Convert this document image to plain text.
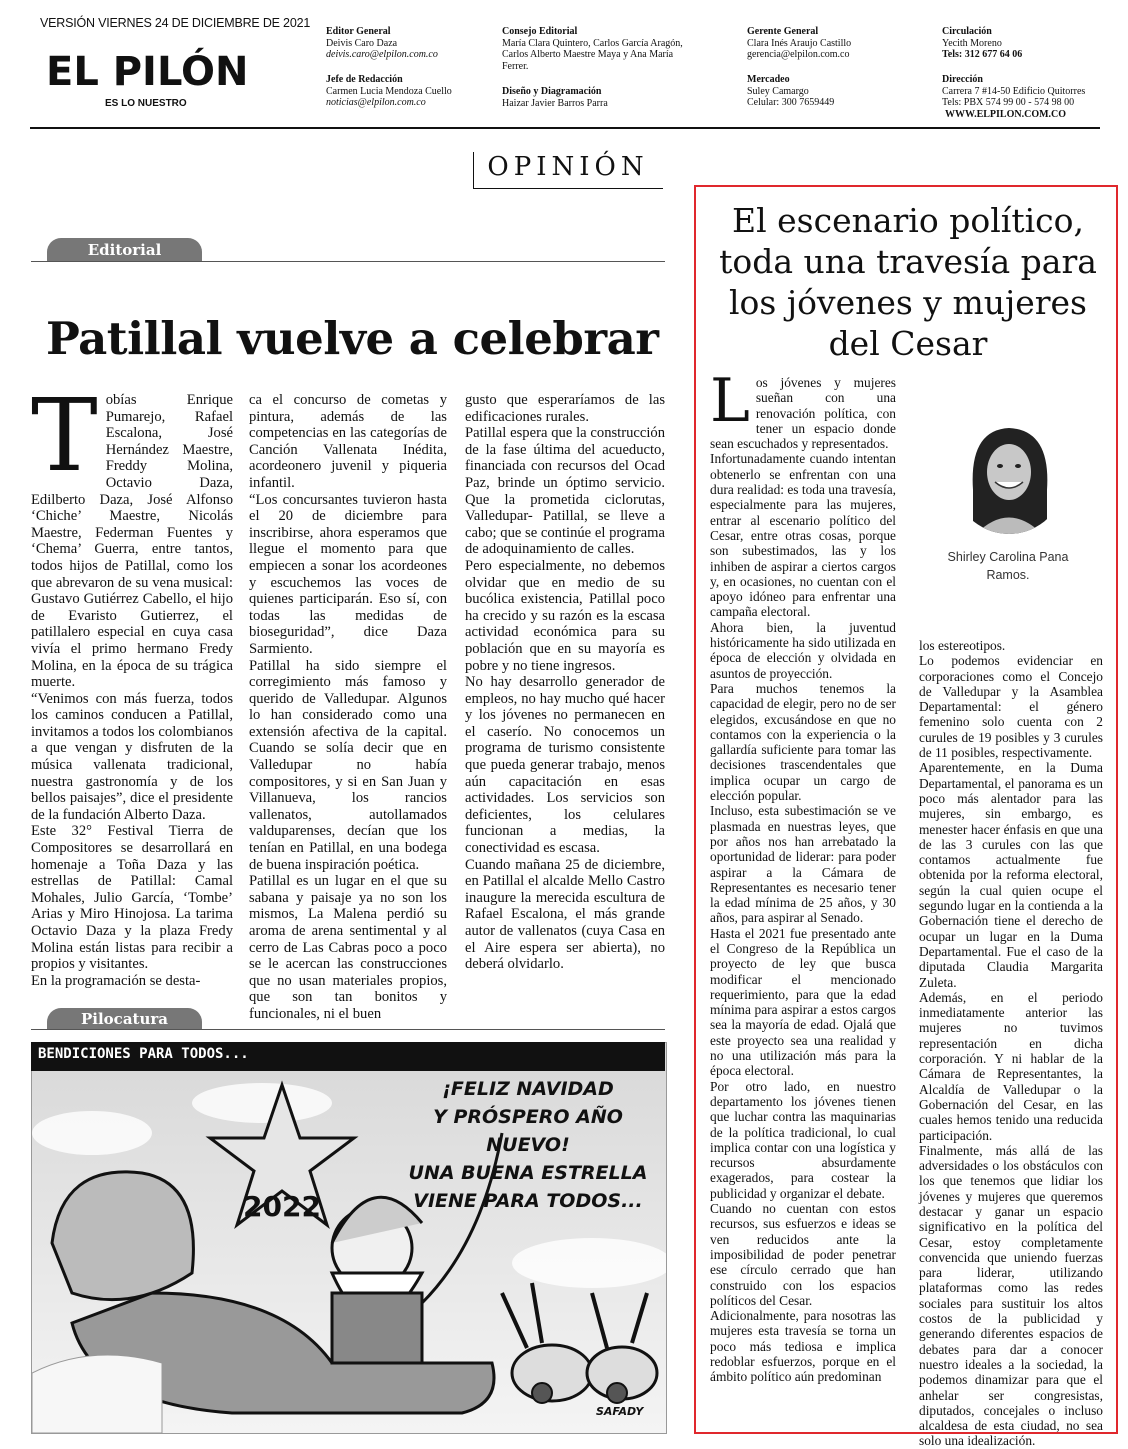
VERSIÓN VIERNES 24 DE DICIEMBRE DE 2021
EL PILÓN
ES LO NUESTRO
Editor General
Deivis Caro Daza
deivis.caro@elpilon.com.co
Jefe de Redacción
Carmen Lucia Mendoza Cuello
noticias@elpilon.com.co
Consejo Editorial
María Clara Quintero, Carlos García Aragón,
Carlos Alberto Maestre Maya y Ana María
Ferrer.
Diseño y Diagramación
Haizar Javier Barros Parra
Gerente General
Clara Inés Araujo Castillo
gerencia@elpilon.com.co
Mercadeo
Suley Camargo
Celular: 300 7659449
Circulación
Yecith Moreno
Tels: 312 677 64 06
Dirección
Carrera 7 #14-50 Edificio Quitorres
Tels: PBX 574 99 00 - 574 98 00
WWW.ELPILON.COM.CO
OPINIÓN
Editorial
Patillal vuelve a celebrar
T obías Enrique Pumarejo, Rafael Escalona, José Hernández Maestre, Freddy Molina, Octavio Daza, Edilberto Daza, José Alfonso ‘Chiche’ Maestre, Nicolás Maestre, Federman Fuentes y ‘Chema’ Guerra, entre tantos, todos hijos de Patillal, como los que abrevaron de su vena musical: Gustavo Gutiérrez Cabello, el hijo de Evaristo Gutierrez, el patillalero especial en cuya casa vivía el primo hermano Fredy Molina, en la época de su trágica muerte.

“Venimos con más fuerza, todos los caminos conducen a Patillal, invitamos a todos los colombianos a que vengan y disfruten de la música vallenata tradicional, nuestra gastronomía y de los bellos paisajes”, dice el presidente de la fundación Alberto Daza.

Este 32° Festival Tierra de Compositores se desarrollará en homenaje a Toña Daza y las estrellas de Patillal: Camal Mohales, Julio García, ‘Tombe’ Arias y Miro Hinojosa. La tarima Octavio Daza y la plaza Fredy Molina están listas para recibir a propios y visitantes.

En la programación se desta-

ca el concurso de cometas y pintura, además de las competencias en las categorías de Canción Vallenata Inédita, acordeonero juvenil y piqueria infantil.

“Los concursantes tuvieron hasta el 20 de diciembre para inscribirse, ahora esperamos que llegue el momento para que empiecen a sonar los acordeones y escuchemos las voces de quienes participarán. Eso sí, con todas las medidas de bioseguridad”, dice Daza Sarmiento.

Patillal ha sido siempre el corregimiento más famoso y querido de Valledupar. Algunos lo han considerado como una extensión afectiva de la capital. Cuando se solía decir que en Valledupar no había compositores, y si en San Juan y Villanueva, los rancios vallenatos, autollamados valduparenses, decían que los tenían en Patillal, en una bodega de buena inspiración poética.

Patillal es un lugar en el que su sabana y paisaje ya no son los mismos, La Malena perdió su aroma de arena sentimental y al cerro de Las Cabras poco a poco se le acercan las construcciones que no usan materiales propios, que son tan bonitos y funcionales, ni el buen

gusto que esperaríamos de las edificaciones rurales.

Patillal espera que la construcción de la fase última del acueducto, financiada con recursos del Ocad Paz, brinde un óptimo servicio. Que la prometida ciclorutas, Valledupar- Patillal, se lleve a cabo; que se continúe el programa de adoquinamiento de calles.

Pero especialmente, no debemos olvidar que en medio de su bucólica existencia, Patillal poco ha crecido y su razón es la escasa actividad económica para su población que en su mayoría es pobre y no tiene ingresos.

No hay desarrollo generador de empleos, no hay mucho qué hacer y los jóvenes no permanecen en el caserío. No conocemos un programa de turismo consistente que pueda generar trabajo, menos aún capacitación en esas actividades. Los servicios son deficientes, los celulares funcionan a medias, la conectividad es escasa.

Cuando mañana 25 de diciembre, en Patillal el alcalde Mello Castro inaugure la merecida escultura de Rafael Escalona, el más grande autor de vallenatos (cuya Casa en el Aire espera ser abierta), no deberá olvidarlo.

Pilocatura
BENDICIONES PARA TODOS...
2022
¡FELIZ NAVIDAD
Y PRÓSPERO AÑO NUEVO!
UNA BUENA ESTRELLA
VIENE PARA TODOS...
SAFADY
El escenario político, toda una travesía para los jóvenes y mujeres del Cesar
Shirley Carolina Pana Ramos.
L os jóvenes y mujeres sueñan con una renovación política, con tener un espacio donde sean escuchados y representados.

Infortunadamente cuando intentan obtenerlo se enfrentan con una dura realidad: es toda una travesía, especialmente para las mujeres, entrar al escenario político del Cesar, entre otras cosas, porque son subestimados, las y los inhiben de aspirar a ciertos cargos y, en ocasiones, no cuentan con el apoyo idóneo para enfrentar una campaña electoral.

Ahora bien, la juventud históricamente ha sido utilizada en época de elección y olvidada en asuntos de proyección.

Para muchos tenemos la capacidad de elegir, pero no de ser elegidos, excusándose en que no contamos con la experiencia o la gallardía suficiente para tomar las decisiones trascendentales que implica ocupar un cargo de elección popular.

Incluso, esta subestimación se ve plasmada en nuestras leyes, que por años nos han arrebatado la oportunidad de liderar: para poder aspirar a la Cámara de Representantes es necesario tener la edad mínima de 25 años, y 30 años, para aspirar al Senado.

Hasta el 2021 fue presentado ante el Congreso de la República un proyecto de ley que busca modificar el mencionado requerimiento, para que la edad mínima para aspirar a estos cargos sea la mayoría de edad. Ojalá que este proyecto sea una realidad y no una utilización más para la época electoral.

Por otro lado, en nuestro departamento los jóvenes tienen que luchar contra las maquinarias de la política tradicional, lo cual implica contar con una logística y recursos absurdamente exagerados, para costear la publicidad y organizar el debate.

Cuando no cuentan con estos recursos, sus esfuerzos e ideas se ven reducidos ante la imposibilidad de poder penetrar ese círculo cerrado que han construido con los espacios políticos del Cesar.

Adicionalmente, para nosotras las mujeres esta travesía se torna un poco más tediosa e implica redoblar esfuerzos, porque en el ámbito político aún predominan

los estereotipos.

Lo podemos evidenciar en corporaciones como el Concejo de Valledupar y la Asamblea Departamental: el género femenino solo cuenta con 2 curules de 19 posibles y 3 curules de 11 posibles, respectivamente.

Aparentemente, en la Duma Departamental, el panorama es un poco más alentador para las mujeres, sin embargo, es menester hacer énfasis en que una de las 3 curules con las que contamos actualmente fue obtenida por la reforma electoral, según la cual quien ocupe el segundo lugar en la contienda a la Gobernación tiene el derecho de ocupar un lugar en la Duma Departamental. Fue el caso de la diputada Claudia Margarita Zuleta.

Además, en el periodo inmediatamente anterior las mujeres no tuvimos representación en dicha corporación. Y ni hablar de la Cámara de Representantes, la Alcaldía de Valledupar o la Gobernación del Cesar, en las cuales hemos tenido una reducida participación.

Finalmente, más allá de las adversidades o los obstáculos con los que tenemos que lidiar los jóvenes y mujeres que queremos destacar y ganar un espacio significativo en la política del Cesar, estoy completamente convencida que uniendo fuerzas para liderar, utilizando plataformas como las redes sociales para sustituir los altos costos de la publicidad y generando diferentes espacios de debates para dar a conocer nuestro ideales a la sociedad, la podemos dinamizar para que el anhelar ser congresistas, diputados, concejales o incluso alcaldesa de esta ciudad, no sea solo una idealización.
